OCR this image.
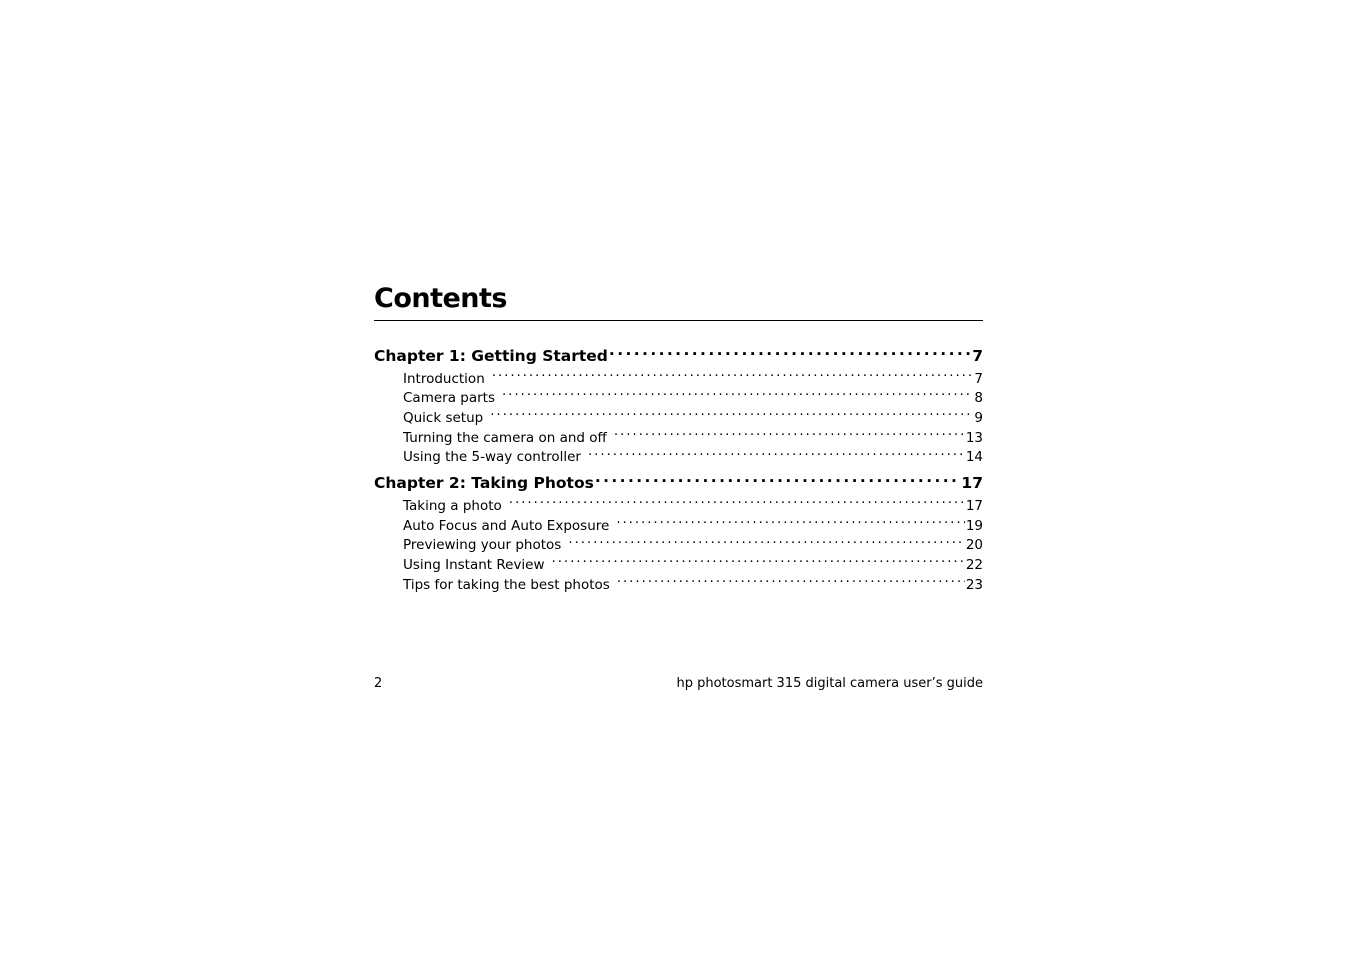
Contents
Chapter 1: Getting Started . . .	7
Introduction . . .	7
Camera parts . . .	8
Quick setup . . .	9
Turning the camera on and off . . .	13
Using the 5-way controller . . .	14
Chapter 2: Taking Photos . . .	17
Taking a photo . . .	17
Auto Focus and Auto Exposure . . .	19
Previewing your photos . . .	20
Using Instant Review . . .	22
Tips for taking the best photos . . .	23
2	hp photosmart 315 digital camera user’s guide
